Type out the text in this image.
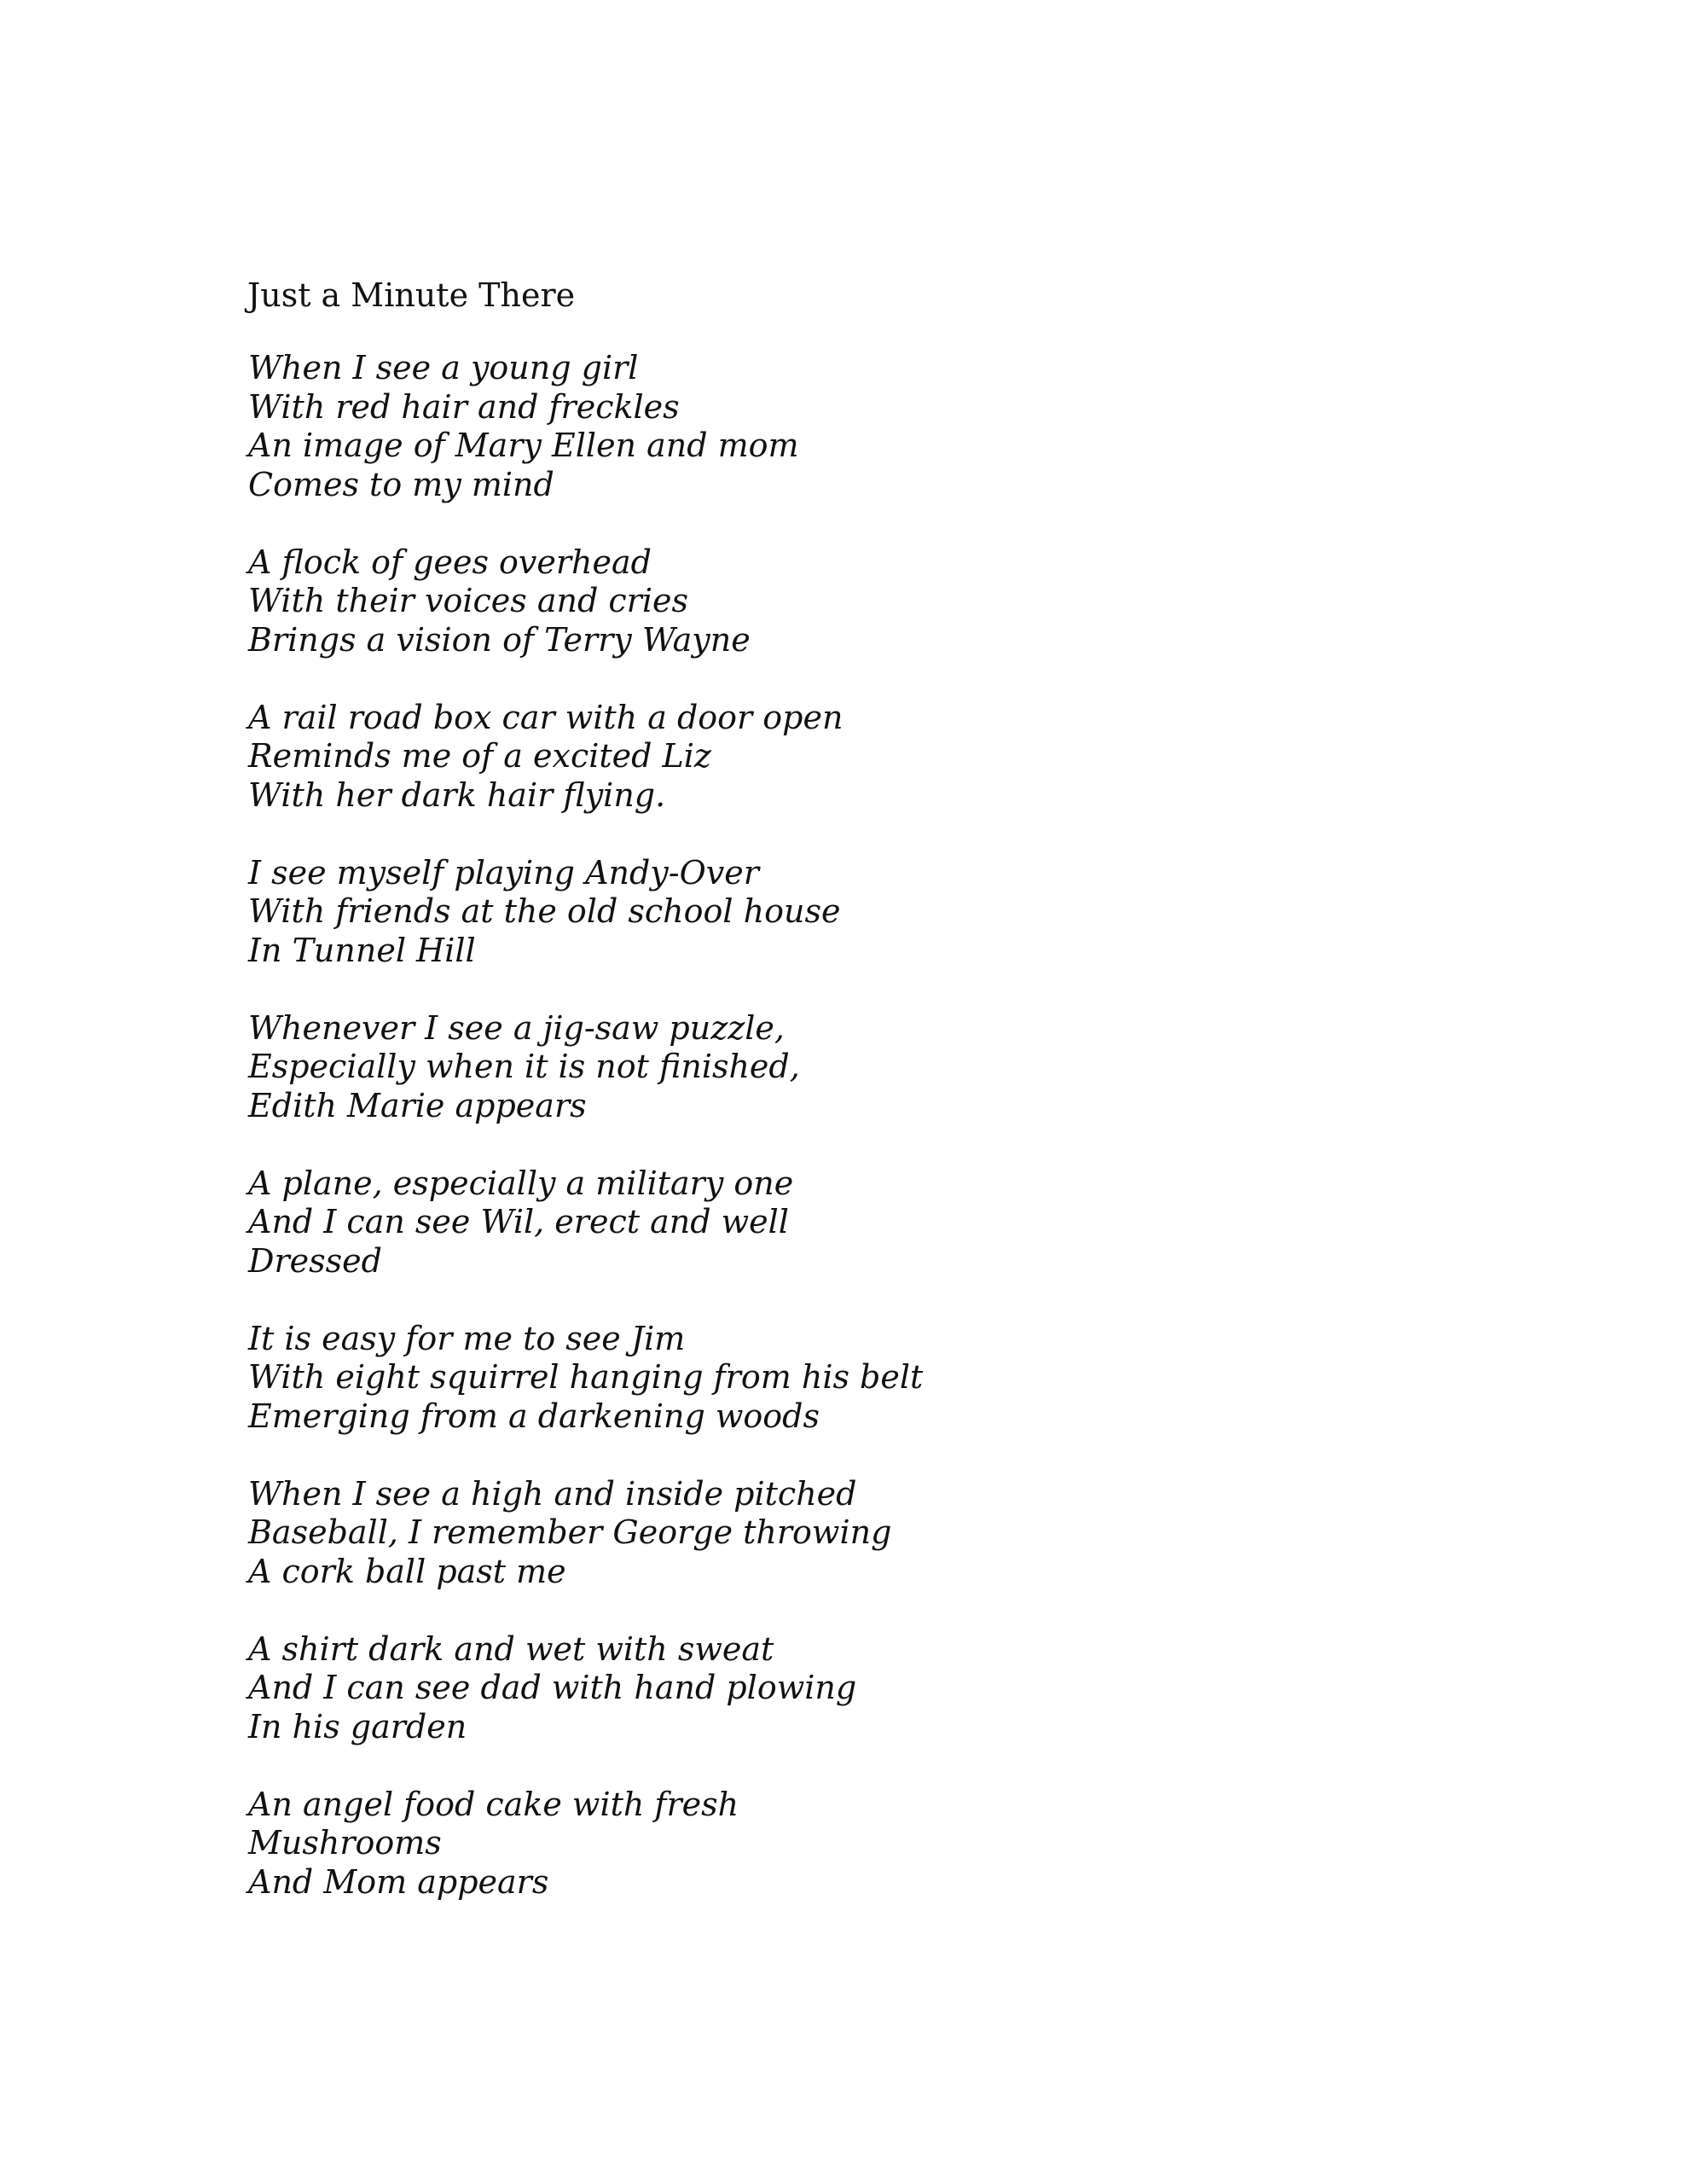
Just a Minute There
When I see a young girl
With red hair and freckles
An image of Mary Ellen and mom
Comes to my mind
A flock of gees overhead
With their voices and cries
Brings a vision of Terry Wayne
A rail road box car with a door open
Reminds me of a excited Liz
With her dark hair flying.
I see myself playing Andy-Over
With friends at the old school house
In Tunnel Hill
Whenever I see a jig-saw puzzle,
Especially when it is not finished,
Edith Marie appears
A plane, especially a military one
And I can see Wil, erect and well
Dressed
It is easy for me to see Jim
With eight squirrel hanging from his belt
Emerging from a darkening woods
When I see a high and inside pitched
Baseball, I remember George throwing
A cork ball past me
A shirt dark and wet with sweat
And I can see dad with hand plowing
In his garden
An angel food cake with fresh
Mushrooms
And Mom appears
